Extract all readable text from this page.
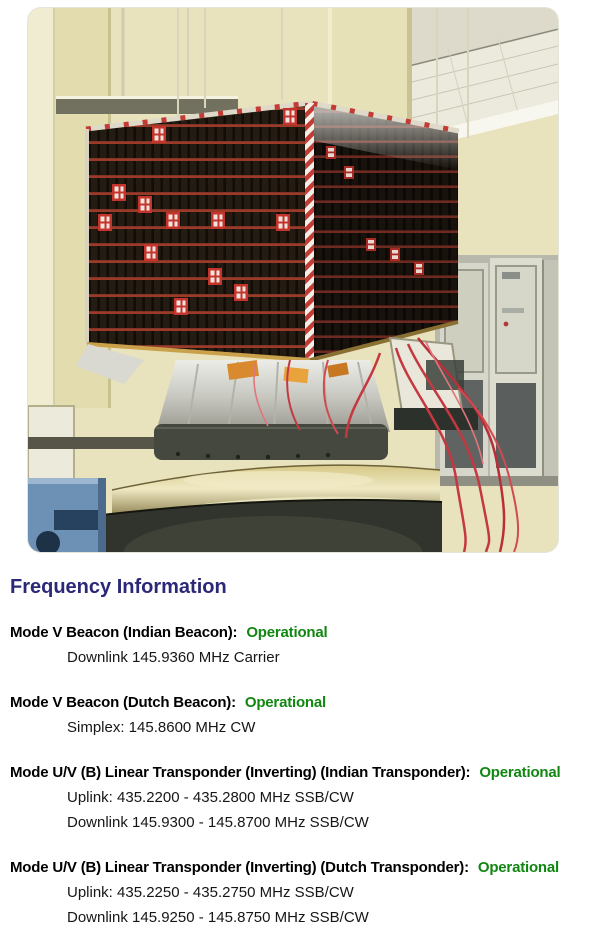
Frequency Information
Mode V Beacon (Indian Beacon): Operational
Downlink 145.9360 MHz Carrier
Mode V Beacon (Dutch Beacon): Operational
Simplex: 145.8600 MHz CW
Mode U/V (B) Linear Transponder (Inverting) (Indian Transponder): Operational
Uplink: 435.2200 - 435.2800 MHz SSB/CW
Downlink 145.9300 - 145.8700 MHz SSB/CW
Mode U/V (B) Linear Transponder (Inverting) (Dutch Transponder): Operational
Uplink: 435.2250 - 435.2750 MHz SSB/CW
Downlink 145.9250 - 145.8750 MHz SSB/CW
